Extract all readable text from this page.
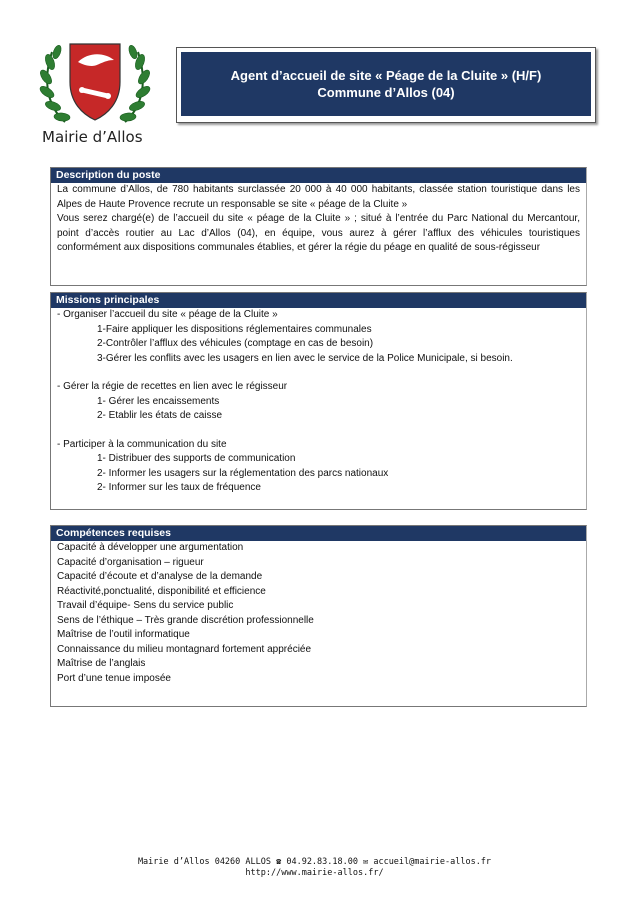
Mairie d’Allos
Agent d’accueil de site « Péage de la Cluite » (H/F)
Commune d’Allos (04)
Description du poste
La commune d’Allos, de 780 habitants surclassée 20 000 à 40 000 habitants, classée station touristique dans les Alpes de Haute Provence recrute un responsable se site « péage de la Cluite »
Vous serez chargé(e) de l’accueil du site « péage de la Cluite » ; situé à l’entrée du Parc National du Mercantour, point d’accès routier au Lac d’Allos (04), en équipe, vous aurez à gérer l’afflux des véhicules touristiques conformément aux dispositions communales établies, et gérer la régie du péage en qualité de sous-régisseur
Missions principales
- Organiser l’accueil du site « péage de la Cluite »
1-Faire appliquer les dispositions réglementaires communales
2-Contrôler l’afflux des véhicules (comptage en cas de besoin)
3-Gérer les conflits avec les usagers en lien avec le service de la Police Municipale, si besoin.
- Gérer la régie de recettes en lien avec le régisseur
1- Gérer les encaissements
2- Etablir les états de caisse
- Participer à la communication du site
1- Distribuer des supports de communication
2- Informer les usagers sur la réglementation des parcs nationaux
2- Informer sur les taux de fréquence
Compétences requises
Capacité à développer une argumentation
Capacité d’organisation – rigueur
Capacité d’écoute et d’analyse de la demande
Réactivité,ponctualité, disponibilité et efficience
Travail d’équipe- Sens du service public
Sens de l’éthique – Très grande discrétion professionnelle
Maîtrise de l’outil informatique
Connaissance du milieu montagnard fortement appréciée
Maîtrise de l’anglais
Port d’une tenue imposée
Mairie d’Allos 04260 ALLOS ☎ 04.92.83.18.00 ✉ accueil@mairie-allos.fr
http://www.mairie-allos.fr/
